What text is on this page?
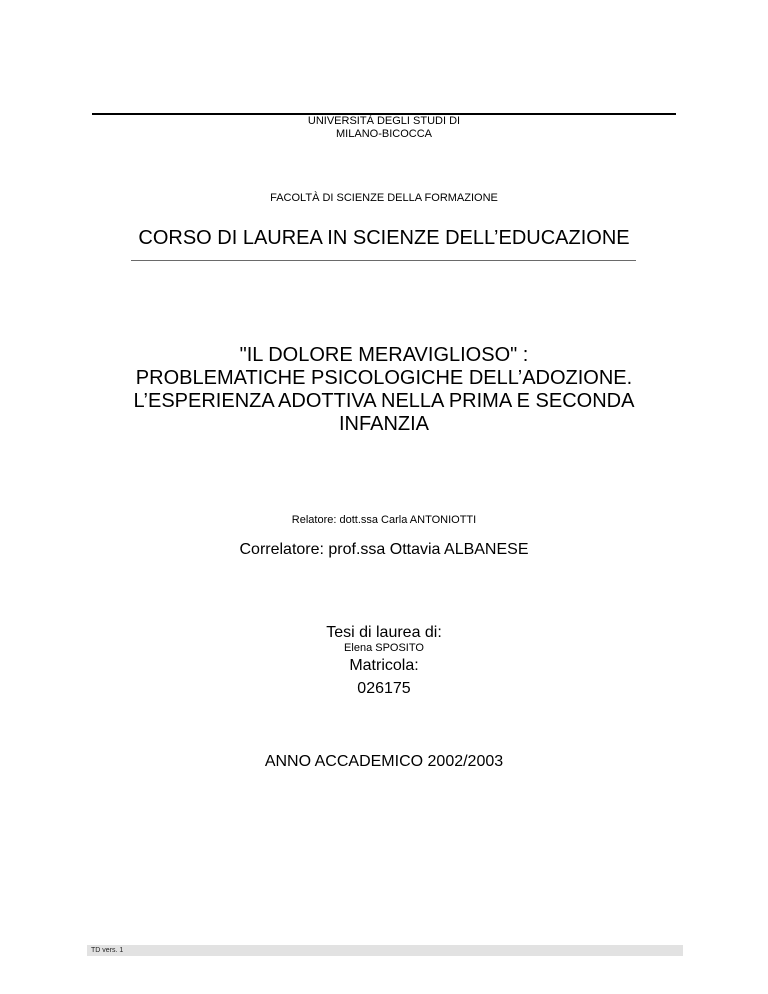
UNIVERSITÀ DEGLI STUDI DI
MILANO-BICOCCA
FACOLTÀ DI SCIENZE DELLA FORMAZIONE
CORSO DI LAUREA IN SCIENZE DELL’EDUCAZIONE
"IL DOLORE MERAVIGLIOSO" :
PROBLEMATICHE PSICOLOGICHE DELL’ADOZIONE.
L’ESPERIENZA ADOTTIVA NELLA PRIMA E SECONDA
INFANZIA
Relatore: dott.ssa Carla ANTONIOTTI
Correlatore: prof.ssa Ottavia ALBANESE
Tesi di laurea di:
Elena SPOSITO
Matricola:
026175
ANNO ACCADEMICO 2002/2003
TD vers. 1
